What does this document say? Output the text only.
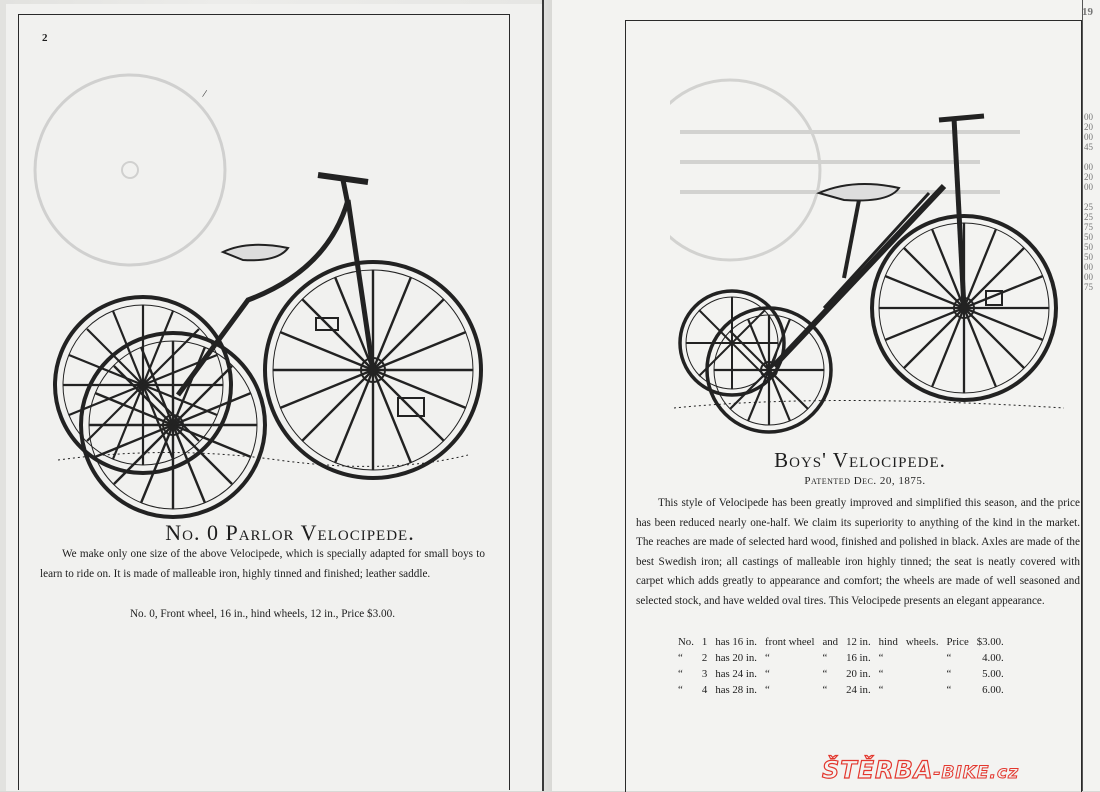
2
19
/
No. 0 Parlor Velocipede.
We make only one size of the above Velocipede, which is specially adapted for small boys to learn to ride on. It is made of malleable iron, highly tinned and finished; leather saddle.
No. 0, Front wheel, 16 in., hind wheels, 12 in., Price $3.00.
Boys' Velocipede.
Patented Dec. 20, 1875.
This style of Velocipede has been greatly improved and simplified this season, and the price has been reduced nearly one-half. We claim its superiority to anything of the kind in the market. The reaches are made of selected hard wood, finished and polished in black. Axles are made of the best Swedish iron; all castings of malleable iron highly tinned; the seat is neatly covered with carpet which adds greatly to appearance and comfort; the wheels are made of well seasoned and selected stock, and have welded oval tires. This Velocipede presents an elegant appearance.
No.	1	has 16 in.	front wheel	and	12 in.	hind	wheels.	Price	$3.00.
“	2	has 20 in.	“	“	16 in.	“		“	4.00.
“	3	has 24 in.	“	“	20 in.	“		“	5.00.
“	4	has 28 in.	“	“	24 in.	“		“	6.00.
00
20
00
45

00
20
00

25
25
75
50
50
50
00
00
75
ŠTĚRBA-BIKE.cz
